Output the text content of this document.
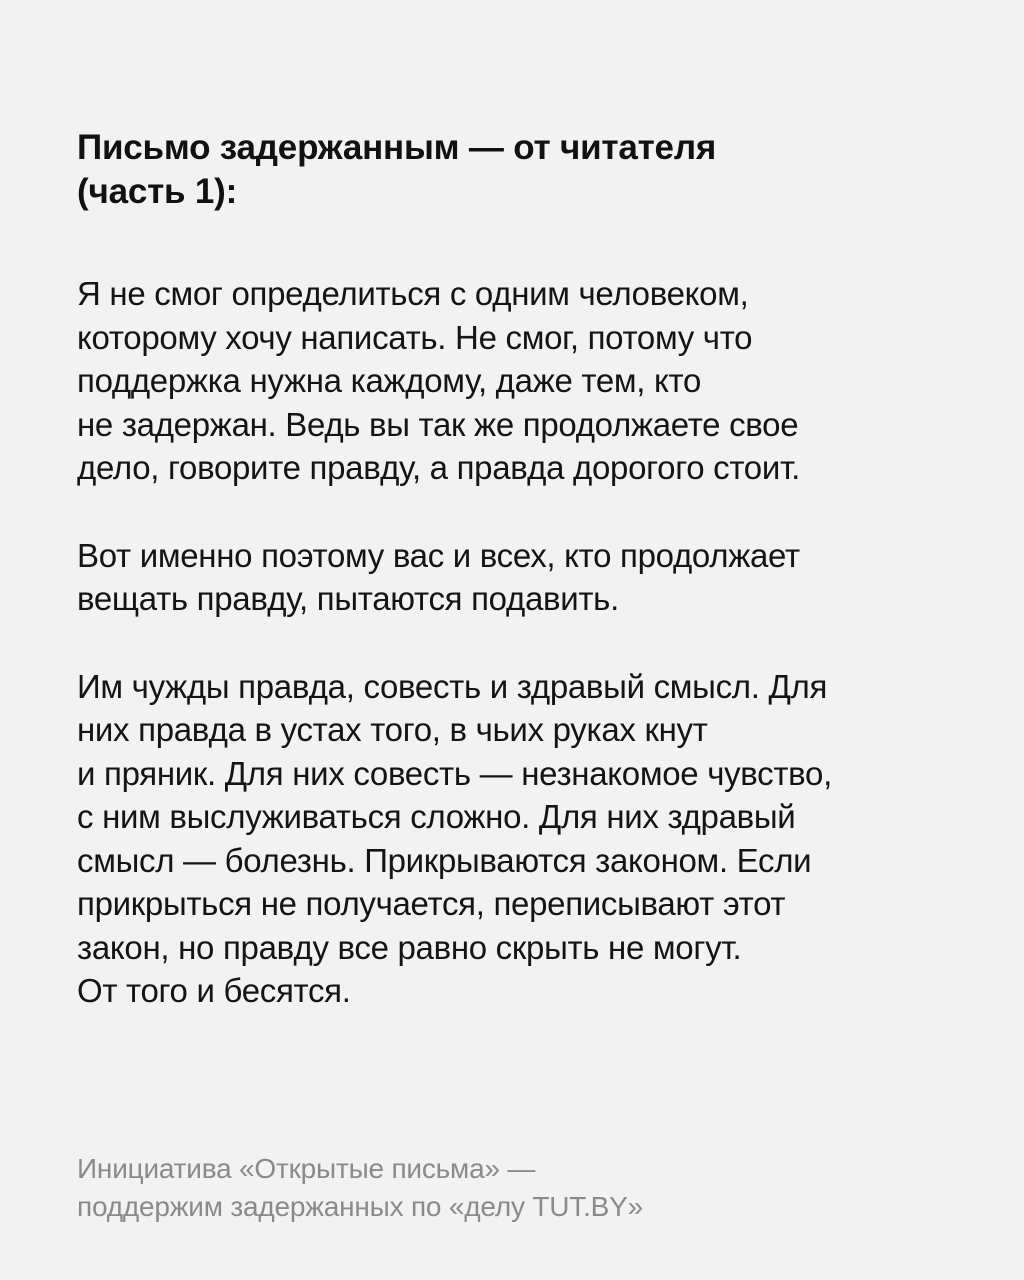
Письмо задержанным — от читателя
(часть 1):

Я не смог определиться с одним человеком,
которому хочу написать. Не смог, потому что
поддержка нужна каждому, даже тем, кто
не задержан. Ведь вы так же продолжаете свое
дело, говорите правду, а правда дорогого стоит.

Вот именно поэтому вас и всех, кто продолжает
вещать правду, пытаются подавить.

Им чужды правда, совесть и здравый смысл. Для
них правда в устах того, в чьих руках кнут
и пряник. Для них совесть — незнакомое чувство,
с ним выслуживаться сложно. Для них здравый
смысл — болезнь. Прикрываются законом. Если
прикрыться не получается, переписывают этот
закон, но правду все равно скрыть не могут.
От того и бесятся.

Инициатива «Открытые письма» —
поддержим задержанных по «делу TUT.BY»
